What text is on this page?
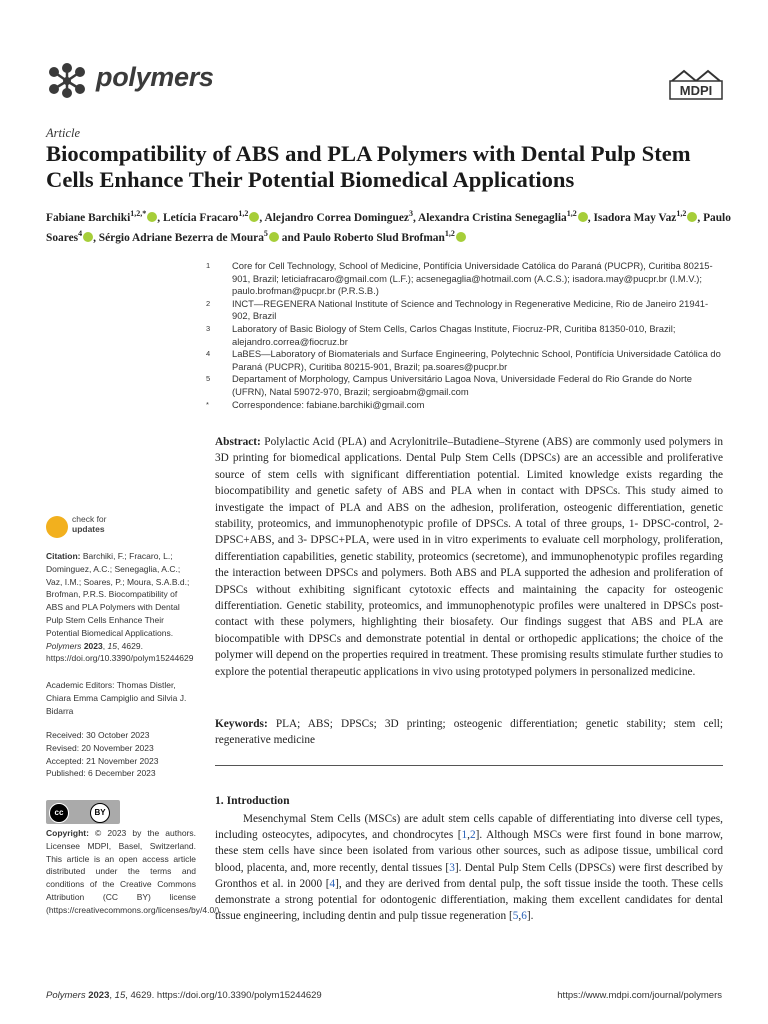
polymers	MDPI
Article
Biocompatibility of ABS and PLA Polymers with Dental Pulp Stem Cells Enhance Their Potential Biomedical Applications
Fabiane Barchiki$^{1,2,*}$ , Letícia Fracaro$^{1,2}$ , Alejandro Correa Dominguez$^3$, Alexandra Cristina Senegaglia$^{1,2}$ , Isadora May Vaz$^{1,2}$ , Paulo Soares$^4$ , Sérgio Adriane Bezerra de Moura$^5$ and Paulo Roberto Slud Brofman$^{1,2}$
1	Core for Cell Technology, School of Medicine, Pontifícia Universidade Católica do Paraná (PUCPR), Curitiba 80215-901, Brazil; leticiafracaro@gmail.com (L.F.); acsenegaglia@hotmail.com (A.C.S.); isadora.may@pucpr.br (I.M.V.); paulo.brofman@pucpr.br (P.R.S.B.)
2	INCT—REGENERA National Institute of Science and Technology in Regenerative Medicine, Rio de Janeiro 21941-902, Brazil
3	Laboratory of Basic Biology of Stem Cells, Carlos Chagas Institute, Fiocruz-PR, Curitiba 81350-010, Brazil; alejandro.correa@fiocruz.br
4	LaBES—Laboratory of Biomaterials and Surface Engineering, Polytechnic School, Pontifícia Universidade Católica do Paraná (PUCPR), Curitiba 80215-901, Brazil; pa.soares@pucpr.br
5	Departament of Morphology, Campus Universitário Lagoa Nova, Universidade Federal do Rio Grande do Norte (UFRN), Natal 59072-970, Brazil; sergioabm@gmail.com
*	Correspondence: fabiane.barchiki@gmail.com
Abstract: Polylactic Acid (PLA) and Acrylonitrile–Butadiene–Styrene (ABS) are commonly used polymers in 3D printing for biomedical applications. Dental Pulp Stem Cells (DPSCs) are an accessible and proliferative source of stem cells with significant differentiation potential. Limited knowledge exists regarding the biocompatibility and genetic safety of ABS and PLA when in contact with DPSCs. This study aimed to investigate the impact of PLA and ABS on the adhesion, proliferation, osteogenic differentiation, genetic stability, proteomics, and immunophenotypic profile of DPSCs. A total of three groups, 1- DPSC-control, 2- DPSC+ABS, and 3- DPSC+PLA, were used in in vitro experiments to evaluate cell morphology, proliferation, differentiation capabilities, genetic stability, proteomics (secretome), and immunophenotypic profiles regarding the interaction between DPSCs and polymers. Both ABS and PLA supported the adhesion and proliferation of DPSCs without exhibiting significant cytotoxic effects and maintaining the capacity for osteogenic differentiation. Genetic stability, proteomics, and immunophenotypic profiles were unaltered in DPSCs post-contact with these polymers, highlighting their biosafety. Our findings suggest that ABS and PLA are biocompatible with DPSCs and demonstrate potential in dental or orthopedic applications; the choice of the polymer will depend on the properties required in treatment. These promising results stimulate further studies to explore the potential therapeutic applications in vivo using prototyped polymers in personalized medicine.
Keywords: PLA; ABS; DPSCs; 3D printing; osteogenic differentiation; genetic stability; stem cell; regenerative medicine
1. Introduction
Mesenchymal Stem Cells (MSCs) are adult stem cells capable of differentiating into diverse cell types, including osteocytes, adipocytes, and chondrocytes [1,2]. Although MSCs were first found in bone marrow, these stem cells have since been isolated from various other sources, such as adipose tissue, umbilical cord blood, placenta, and, more recently, dental tissues [3]. Dental Pulp Stem Cells (DPSCs) were first described by Gronthos et al. in 2000 [4], and they are derived from dental pulp, the soft tissue inside the tooth. These cells demonstrate a strong potential for odontogenic differentiation, making them excellent candidates for dental tissue engineering, including dentin and pulp tissue regeneration [5,6].
check for
updates
Citation: Barchiki, F.; Fracaro, L.; Dominguez, A.C.; Senegaglia, A.C.; Vaz, I.M.; Soares, P.; Moura, S.A.B.d.; Brofman, P.R.S. Biocompatibility of ABS and PLA Polymers with Dental Pulp Stem Cells Enhance Their Potential Biomedical Applications. Polymers 2023, 15, 4629. https://doi.org/10.3390/polym15244629
Academic Editors: Thomas Distler, Chiara Emma Campiglio and Silvia J. Bidarra
Received: 30 October 2023
Revised: 20 November 2023
Accepted: 21 November 2023
Published: 6 December 2023
cc	BY
Copyright: © 2023 by the authors. Licensee MDPI, Basel, Switzerland. This article is an open access article distributed under the terms and conditions of the Creative Commons Attribution (CC BY) license (https://creativecommons.org/licenses/by/4.0/).
Polymers 2023, 15, 4629. https://doi.org/10.3390/polym15244629	https://www.mdpi.com/journal/polymers
